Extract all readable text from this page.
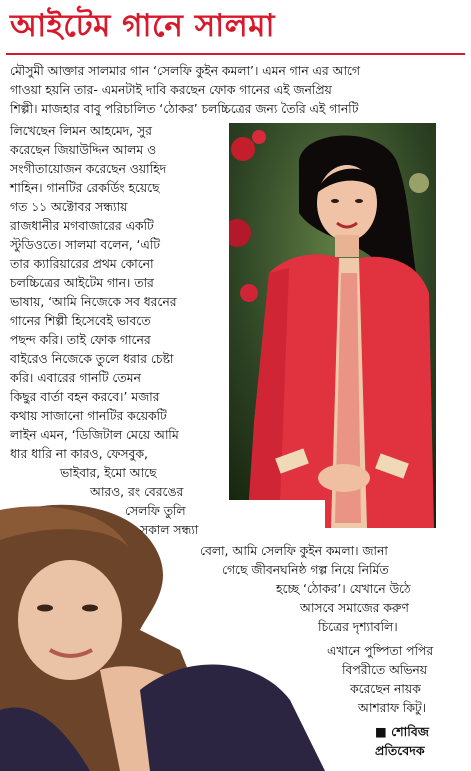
আইটেম গানে সালমা
মৌসুমী আক্তার সালমার গান ‘সেলফি কুইন কমলা’। এমন গান এর আগে
গাওয়া হয়নি তার- এমনটাই দাবি করছেন ফোক গানের এই জনপ্রিয়
শিল্পী। মাজহার বাবু পরিচালিত ‘ঠোকর’ চলচ্চিত্রের জন্য তৈরি এই গানটি
লিখেছেন লিমন আহমেদ, সুর
করেছেন জিয়াউদ্দিন আলম ও
সংগীতায়োজন করেছেন ওয়াহিদ
শাহিন। গানটির রেকর্ডিং হয়েছে
গত ১১ অক্টোবর সন্ধ্যায়
রাজধানীর মগবাজারের একটি
স্টুডিওতে। সালমা বলেন, ‘এটি
তার ক্যারিয়ারের প্রথম কোনো
চলচ্চিত্রের আইটেম গান। তার
ভাষায়, ‘আমি নিজেকে সব ধরনের
গানের শিল্পী হিসেবেই ভাবতে
পছন্দ করি। তাই ফোক গানের
বাইরেও নিজেকে তুলে ধরার চেষ্টা
করি। এবারের গানটি তেমন
কিছুর বার্তা বহন করবে।’ মজার
কথায় সাজানো গানটির কয়েকটি
লাইন এমন, ‘ডিজিটাল মেয়ে আমি
ধার ধারি না কারও, ফেসবুক,
ভাইবার, ইমো আছে
আরও, রং বেরঙের
সেলফি তুলি
সকাল সন্ধ্যা
বেলা, আমি সেলফি কুইন কমলা। জানা
গেছে জীবনঘনিষ্ঠ গল্প নিয়ে নির্মিত
হচ্ছে ‘ঠোকর’। যেখানে উঠে
আসবে সমাজের করুণ
চিত্রের দৃশ্যাবলি।
এখানে পুষ্পিতা পপির
বিপরীতে অভিনয়
করেছেন নায়ক
আশরাফ কিটু।
■ শোবিজ
প্রতিবেদক
